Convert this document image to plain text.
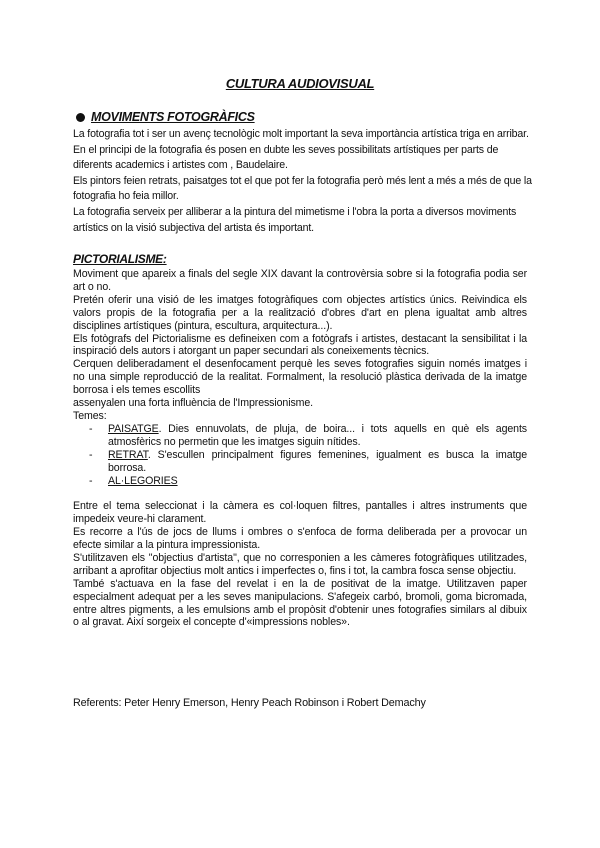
CULTURA AUDIOVISUAL
MOVIMENTS FOTOGRÀFICS

La fotografia tot i ser un avenç tecnològic molt important la seva importància artística triga en arribar. En el principi de la fotografia és posen en dubte les seves possibilitats artístiques per parts de diferents academics i artistes com , Baudelaire.

Els pintors feien retrats, paisatges tot el que pot fer la fotografia però més lent a més a més de que la fotografia ho feia millor.

La fotografia serveix per alliberar a la pintura del mimetisme i l'obra la porta a diversos moviments artístics on la visió subjectiva del artista és important.

PICTORIALISME:

Moviment que apareix a finals del segle XIX davant la controvèrsia sobre si la fotografia podia ser art o no.

Pretén oferir una visió de les imatges fotogràfiques com objectes artístics únics. Reivindica els valors propis de la fotografia per a la realització d'obres d'art en plena igualtat amb altres disciplines artístiques (pintura, escultura, arquitectura...).

Els fotògrafs del Pictorialisme es defineixen com a fotògrafs i artistes, destacant la sensibilitat i la inspiració dels autors i atorgant un paper secundari als coneixements tècnics.

Cerquen deliberadament el desenfocament perquè les seves fotografies siguin només imatges i no una simple reproducció de la realitat. Formalment, la resolució plàstica derivada de la imatge borrosa i els temes escollits

assenyalen una forta influència de l'Impressionisme.

Temes:

- PAISATGE. Dies ennuvolats, de pluja, de boira... i tots aquells en què els agents atmosfèrics no permetin que les imatges siguin nítides.
- RETRAT. S'escullen principalment figures femenines, igualment es busca la imatge borrosa.
- AL·LEGORIES

Entre el tema seleccionat i la càmera es col·loquen filtres, pantalles i altres instruments que impedeix veure-hi clarament.

Es recorre a l'ús de jocs de llums i ombres o s'enfoca de forma deliberada per a provocar un efecte similar a la pintura impressionista.

S'utilitzaven els "objectius d'artista", que no corresponien a les càmeres fotogràfiques utilitzades, arribant a aprofitar objectius molt antics i imperfectes o, fins i tot, la cambra fosca sense objectiu.

També s'actuava en la fase del revelat i en la de positivat de la imatge. Utilitzaven paper especialment adequat per a les seves manipulacions. S'afegeix carbó, bromoli, goma bicromada, entre altres pigments, a les emulsions amb el propòsit d'obtenir unes fotografies similars al dibuix o al gravat. Així sorgeix el concepte d'«impressions nobles».

Referents: Peter Henry Emerson, Henry Peach Robinson i Robert Demachy
